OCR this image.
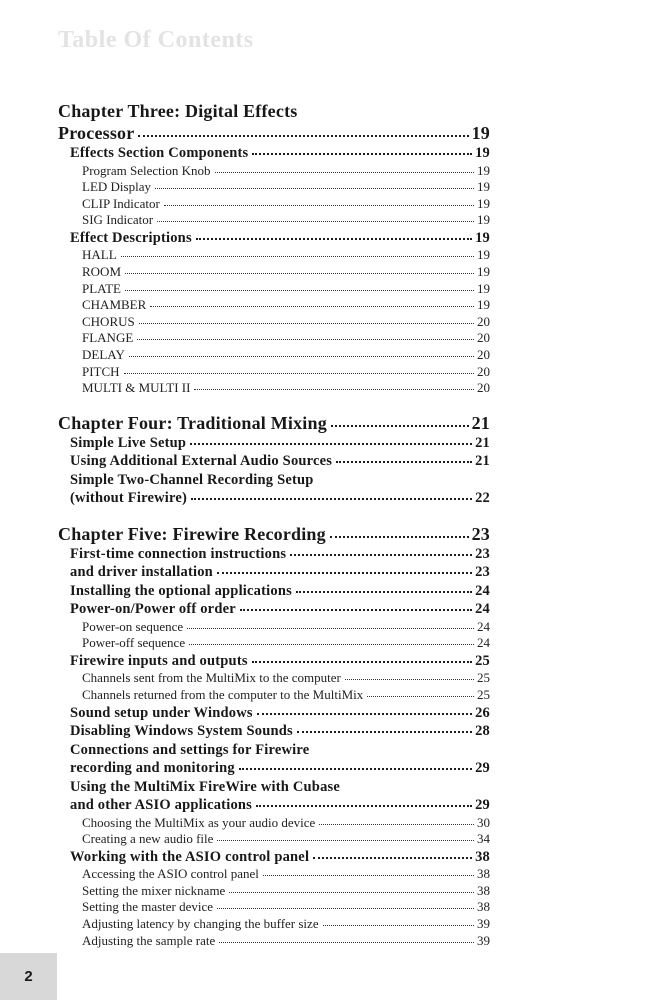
Table Of Contents
Chapter Three: Digital Effects
Processor	19
Effects Section Components	19
Program Selection Knob	19
LED Display	19
CLIP Indicator	19
SIG Indicator	19
Effect Descriptions	19
HALL	19
ROOM	19
PLATE	19
CHAMBER	19
CHORUS	20
FLANGE	20
DELAY	20
PITCH	20
MULTI & MULTI II	20
Chapter Four: Traditional Mixing	21
Simple Live Setup	21
Using Additional External Audio Sources	21
Simple Two-Channel Recording Setup
(without Firewire)	22
Chapter Five: Firewire Recording	23
First-time connection instructions	23
and driver installation	23
Installing the optional applications	24
Power-on/Power off order	24
Power-on sequence	24
Power-off sequence	24
Firewire inputs and outputs	25
Channels sent from the MultiMix to the computer	25
Channels returned from the computer to the MultiMix	25
Sound setup under Windows	26
Disabling Windows System Sounds	28
Connections and settings for Firewire
recording and monitoring	29
Using the MultiMix FireWire with Cubase
and other ASIO applications	29
Choosing the MultiMix as your audio device	30
Creating a new audio file	34
Working with the ASIO control panel	38
Accessing the ASIO control panel	38
Setting the mixer nickname	38
Setting the master device	38
Adjusting latency by changing the buffer size	39
Adjusting the sample rate	39
2
